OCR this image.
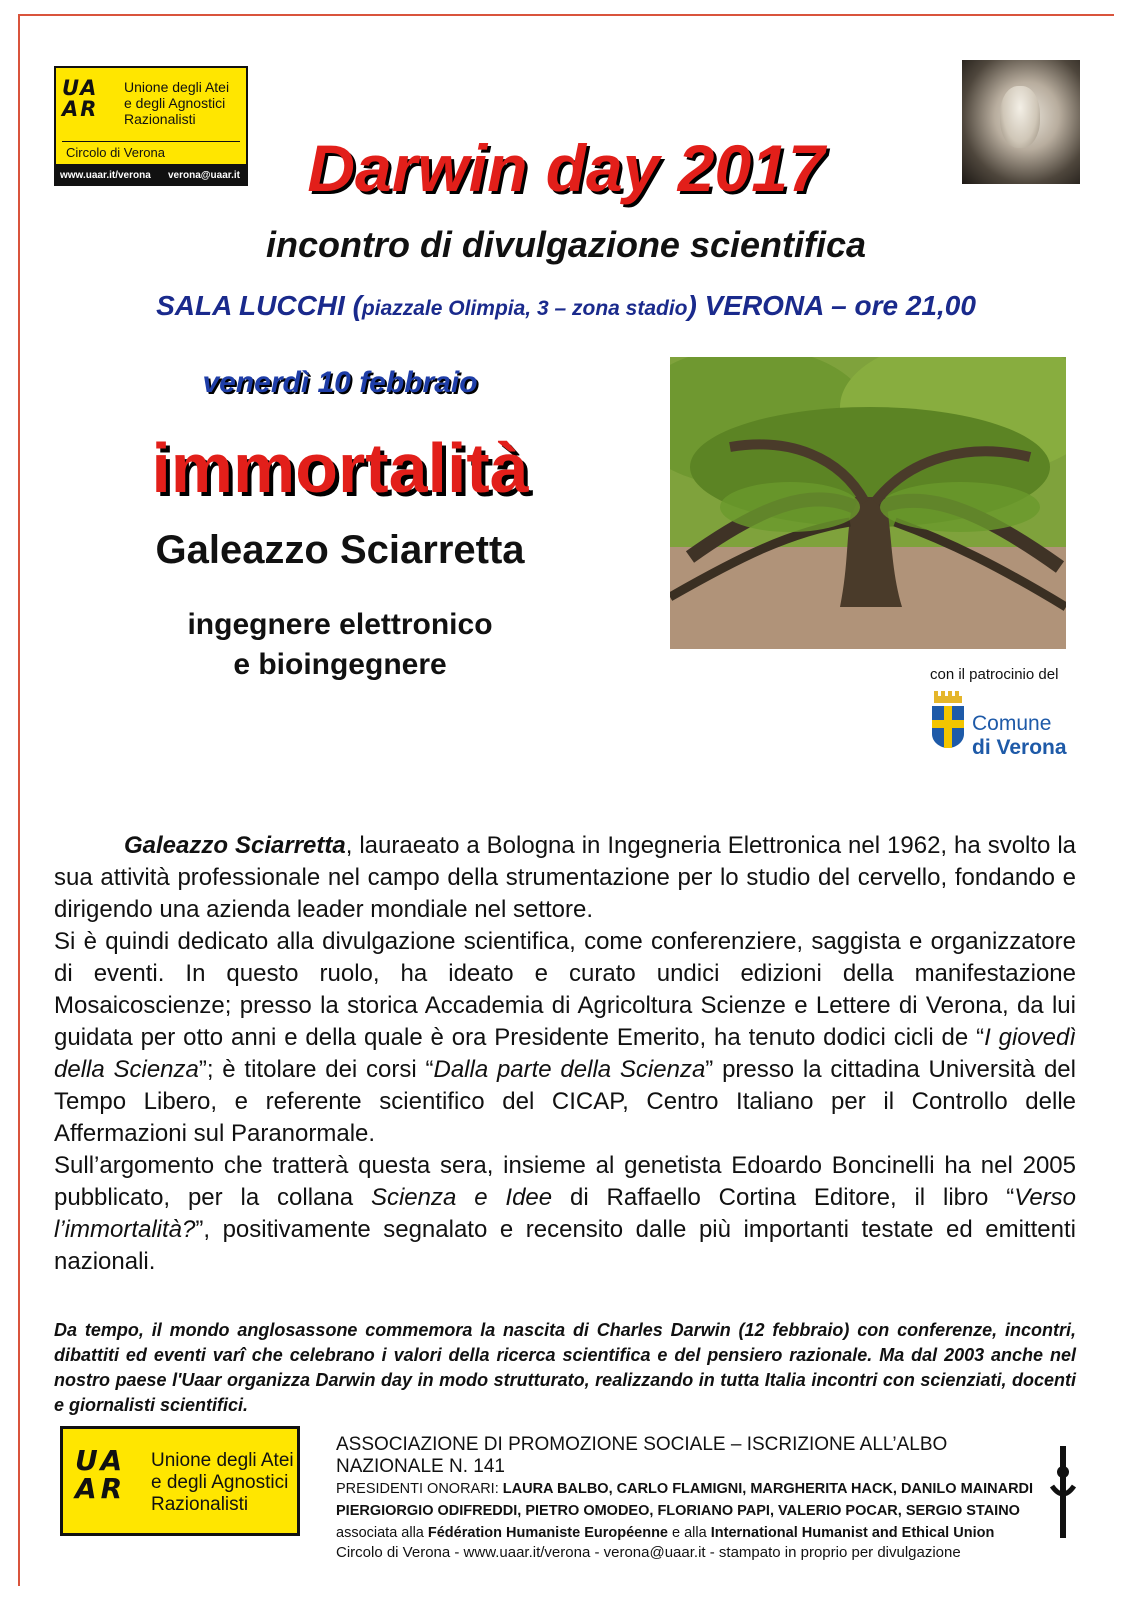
UAAR
Unione degli Atei
e degli Agnostici
Razionalisti
Circolo di Verona
www.uaar.it/verona verona@uaar.it	Darwin day 2017
incontro di divulgazione scientifica
SALA LUCCHI (piazzale Olimpia, 3 – zona stadio) VERONA – ore 21,00
venerdì 10 febbraio
immortalità
Galeazzo Sciarretta
ingegnere elettronico
e bioingegnere	con il patrocinio del
Comune
di Verona

Galeazzo Sciarretta, lauraeato a Bologna in Ingegneria Elettronica nel 1962, ha svolto la sua attività professionale nel campo della strumentazione per lo studio del cervello, fondando e dirigendo una azienda leader mondiale nel settore.

Si è quindi dedicato alla divulgazione scientifica, come conferenziere, saggista e organizzatore di eventi. In questo ruolo, ha ideato e curato undici edizioni della manifestazione Mosaicoscienze; presso la storica Accademia di Agricoltura Scienze e Lettere di Verona, da lui guidata per otto anni e della quale è ora Presidente Emerito, ha tenuto dodici cicli de “I giovedì della Scienza”; è titolare dei corsi “Dalla parte della Scienza” presso la cittadina Università del Tempo Libero, e referente scientifico del CICAP, Centro Italiano per il Controllo delle Affermazioni sul Paranormale.

Sull’argomento che tratterà questa sera, insieme al genetista Edoardo Boncinelli ha nel 2005 pubblicato, per la collana Scienza e Idee di Raffaello Cortina Editore, il libro “Verso l’immortalità?”, positivamente segnalato e recensito dalle più importanti testate ed emittenti nazionali.

Da tempo, il mondo anglosassone commemora la nascita di Charles Darwin (12 febbraio) con conferenze, incontri, dibattiti ed eventi varî che celebrano i valori della ricerca scientifica e del pensiero razionale. Ma dal 2003 anche nel nostro paese l'Uaar organizza Darwin day in modo strutturato, realizzando in tutta Italia incontri con scienziati, docenti e giornalisti scientifici.
UAAR
Unione degli Atei
e degli Agnostici
Razionalisti
ASSOCIAZIONE DI PROMOZIONE SOCIALE – ISCRIZIONE ALL’ALBO NAZIONALE N. 141
PRESIDENTI ONORARI: LAURA BALBO, CARLO FLAMIGNI, MARGHERITA HACK, DANILO MAINARDI
PIERGIORGIO ODIFREDDI, PIETRO OMODEO, FLORIANO PAPI, VALERIO POCAR, SERGIO STAINO
associata alla Fédération Humaniste Européenne e alla International Humanist and Ethical Union
Circolo di Verona - www.uaar.it/verona - verona@uaar.it - stampato in proprio per divulgazione
